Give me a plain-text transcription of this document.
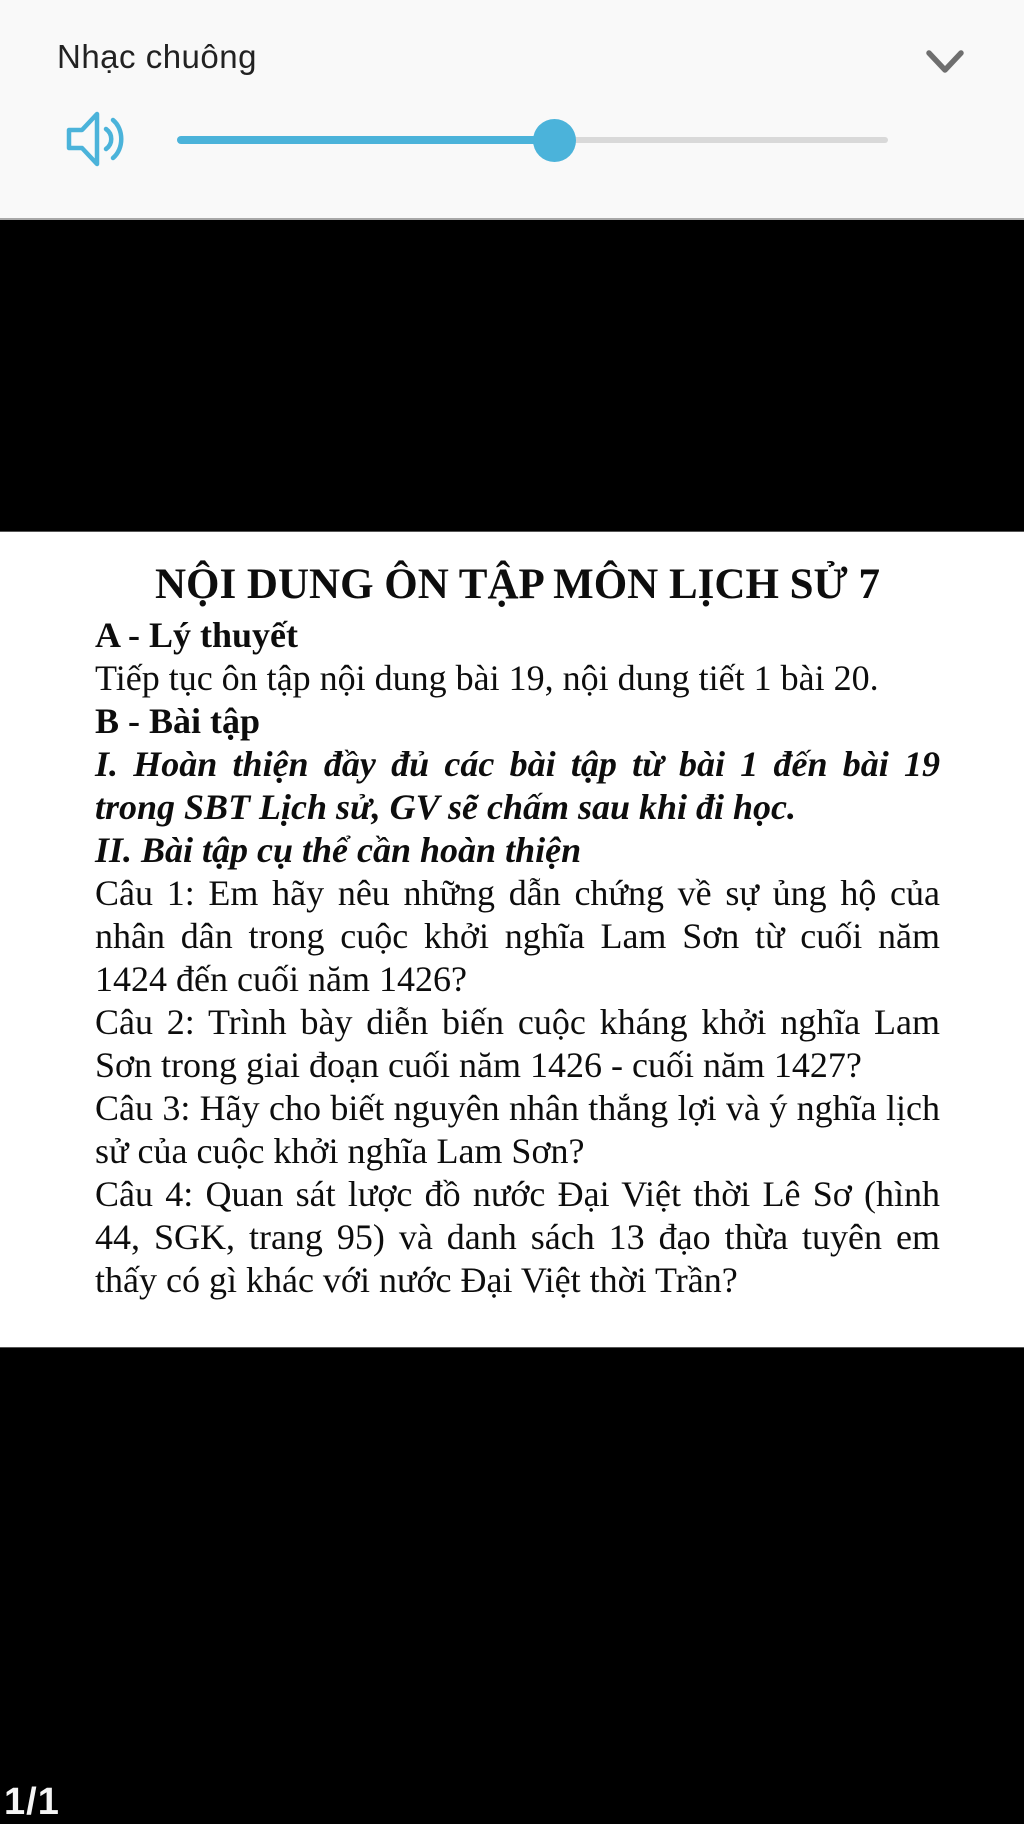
Nhạc chuông
NỘI DUNG ÔN TẬP MÔN LỊCH SỬ 7

A - Lý thuyết

Tiếp tục ôn tập nội dung bài 19, nội dung tiết 1 bài 20.

B - Bài tập

I. Hoàn thiện đầy đủ các bài tập từ bài 1 đến bài 19 trong SBT Lịch sử, GV sẽ chấm sau khi đi học.

II. Bài tập cụ thể cần hoàn thiện

Câu 1: Em hãy nêu những dẫn chứng về sự ủng hộ của nhân dân trong cuộc khởi nghĩa Lam Sơn từ cuối năm 1424 đến cuối năm 1426?

Câu 2: Trình bày diễn biến cuộc kháng khởi nghĩa Lam Sơn trong giai đoạn cuối năm 1426 - cuối năm 1427?

Câu 3: Hãy cho biết nguyên nhân thắng lợi và ý nghĩa lịch sử của cuộc khởi nghĩa Lam Sơn?

Câu 4: Quan sát lược đồ nước Đại Việt thời Lê Sơ (hình 44, SGK, trang 95) và danh sách 13 đạo thừa tuyên em thấy có gì khác với nước Đại Việt thời Trần?

1/1
